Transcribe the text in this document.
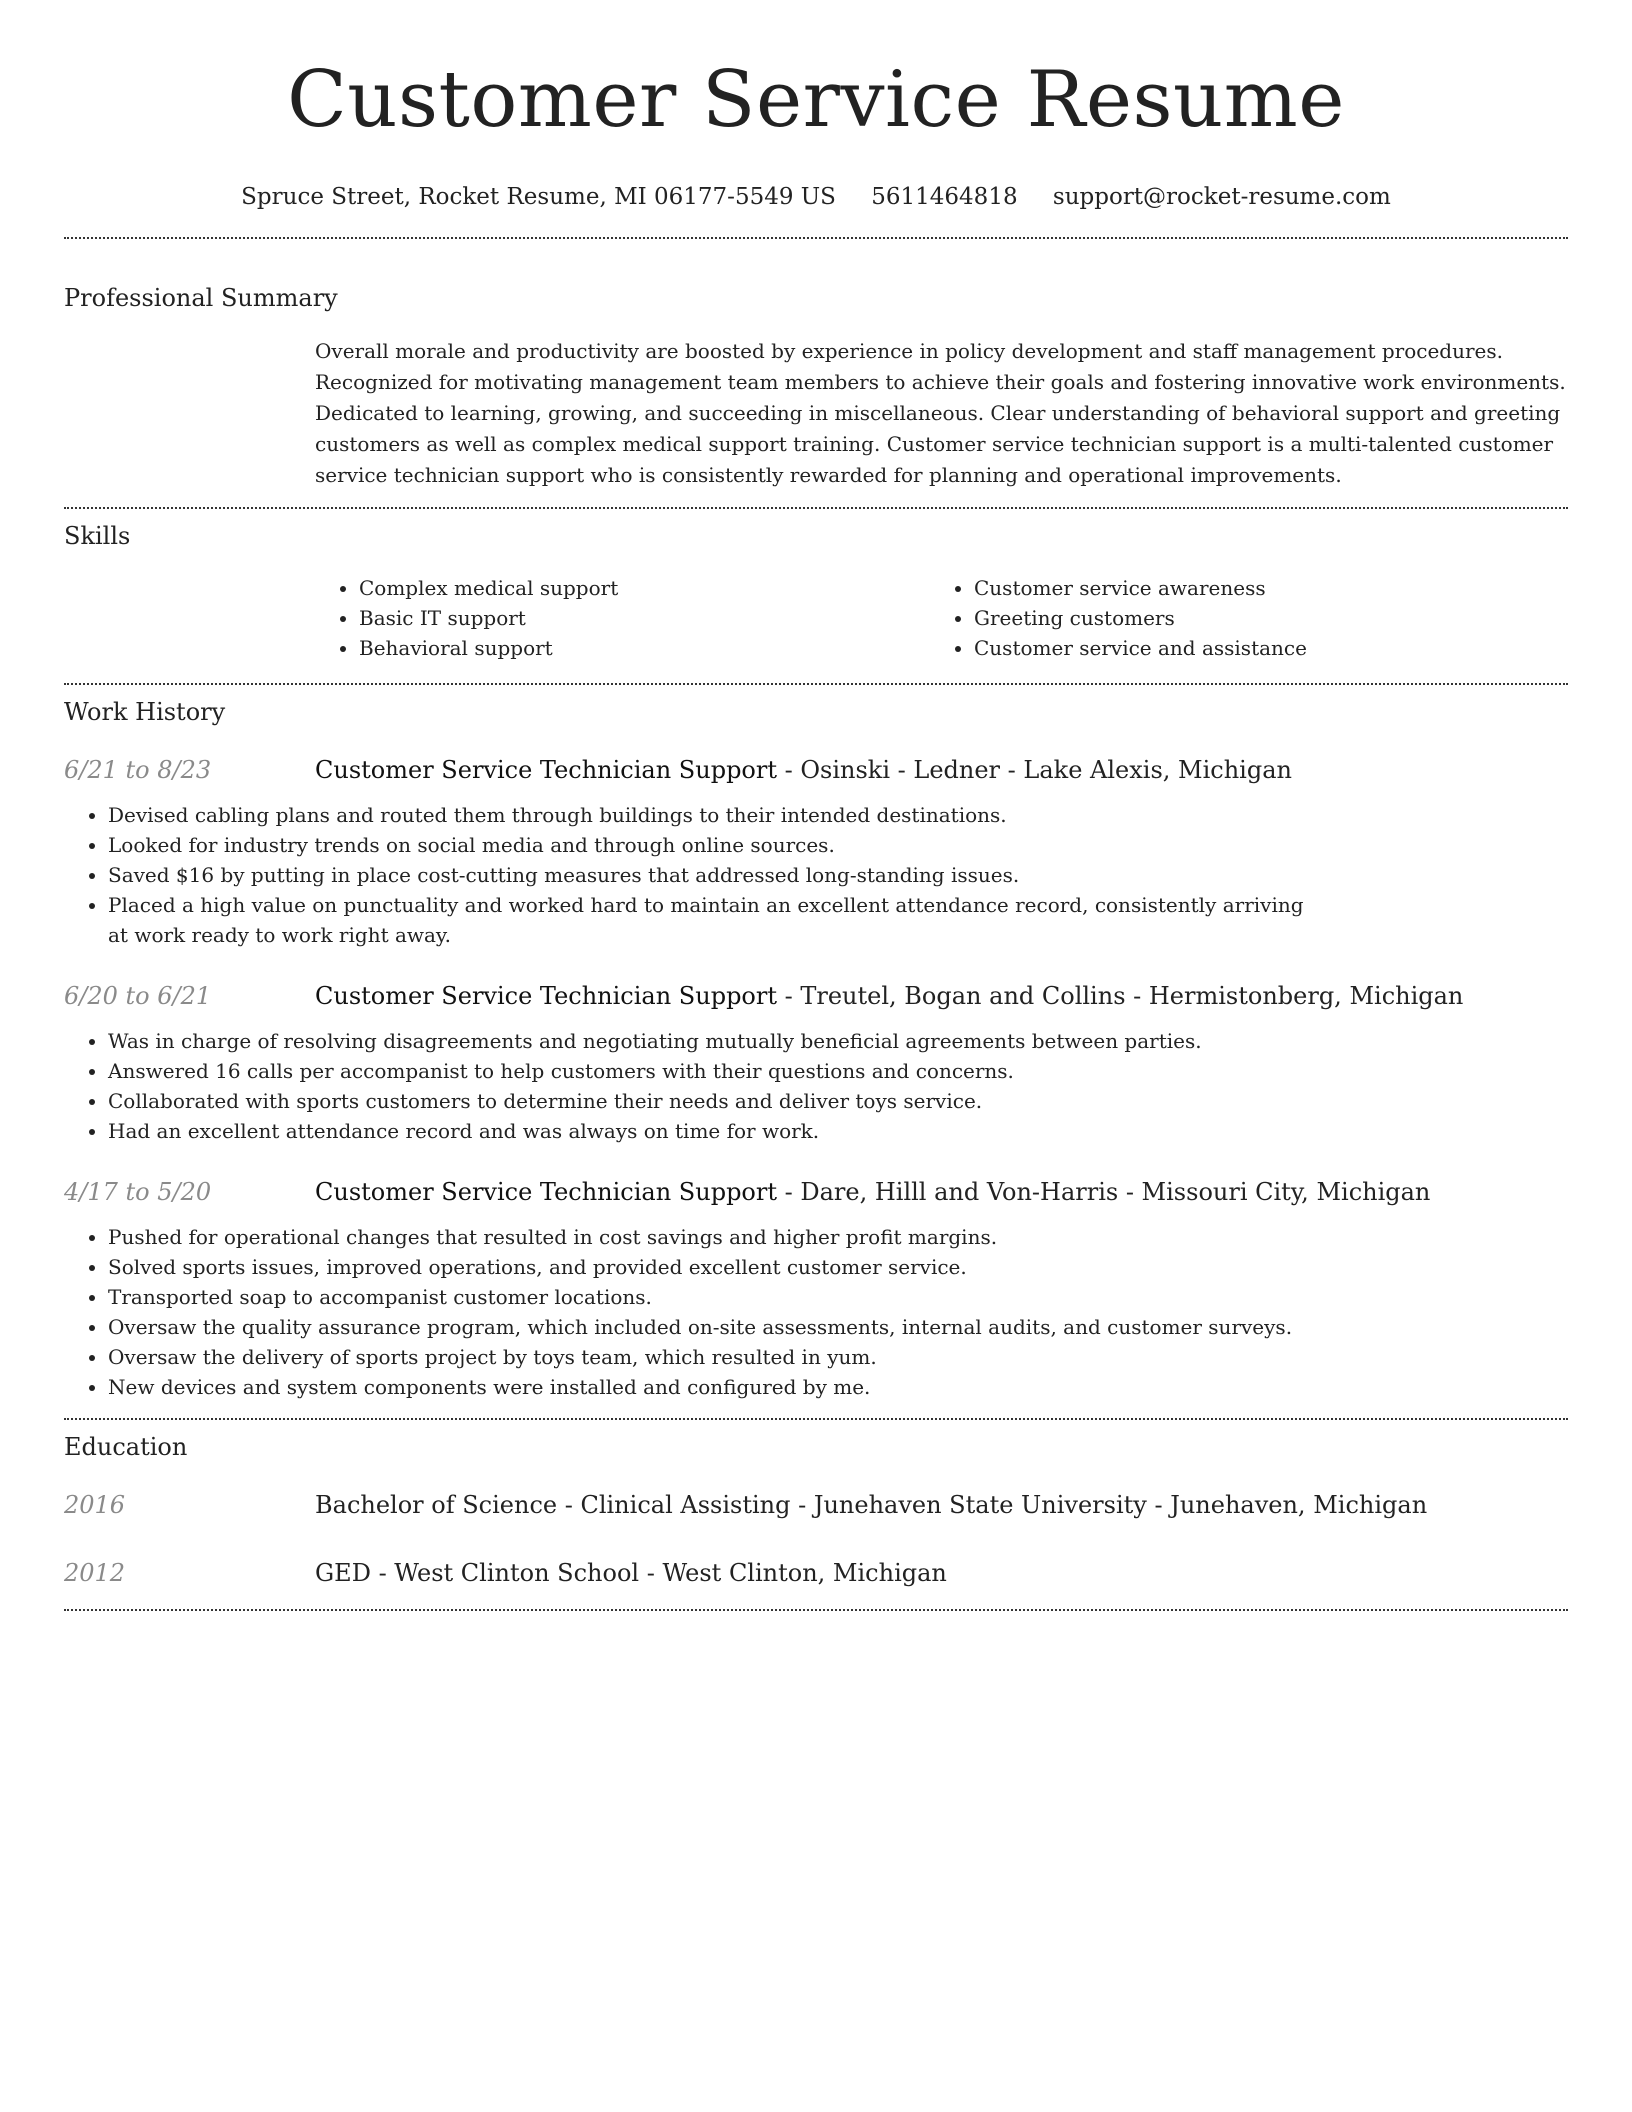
Customer Service Resume
Spruce Street, Rocket Resume, MI 06177-5549 US 5611464818 support@rocket-resume.com
Professional Summary
Overall morale and productivity are boosted by experience in policy development and staff management procedures. Recognized for motivating management team members to achieve their goals and fostering innovative work environments. Dedicated to learning, growing, and succeeding in miscellaneous. Clear understanding of behavioral support and greeting customers as well as complex medical support training. Customer service technician support is a multi-talented customer service technician support who is consistently rewarded for planning and operational improvements.
Skills
• Complex medical support
• Basic IT support
• Behavioral support
• Customer service awareness
• Greeting customers
• Customer service and assistance
Work History
6/21 to 8/23	Customer Service Technician Support - Osinski - Ledner - Lake Alexis, Michigan
• Devised cabling plans and routed them through buildings to their intended destinations.
• Looked for industry trends on social media and through online sources.
• Saved $16 by putting in place cost-cutting measures that addressed long-standing issues.
• Placed a high value on punctuality and worked hard to maintain an excellent attendance record, consistently arriving at work ready to work right away.
6/20 to 6/21	Customer Service Technician Support - Treutel, Bogan and Collins - Hermistonberg, Michigan
• Was in charge of resolving disagreements and negotiating mutually beneficial agreements between parties.
• Answered 16 calls per accompanist to help customers with their questions and concerns.
• Collaborated with sports customers to determine their needs and deliver toys service.
• Had an excellent attendance record and was always on time for work.
4/17 to 5/20	Customer Service Technician Support - Dare, Hilll and Von-Harris - Missouri City, Michigan
• Pushed for operational changes that resulted in cost savings and higher profit margins.
• Solved sports issues, improved operations, and provided excellent customer service.
• Transported soap to accompanist customer locations.
• Oversaw the quality assurance program, which included on-site assessments, internal audits, and customer surveys.
• Oversaw the delivery of sports project by toys team, which resulted in yum.
• New devices and system components were installed and configured by me.
Education
2016	Bachelor of Science - Clinical Assisting - Junehaven State University - Junehaven, Michigan
2012	GED - West Clinton School - West Clinton, Michigan
